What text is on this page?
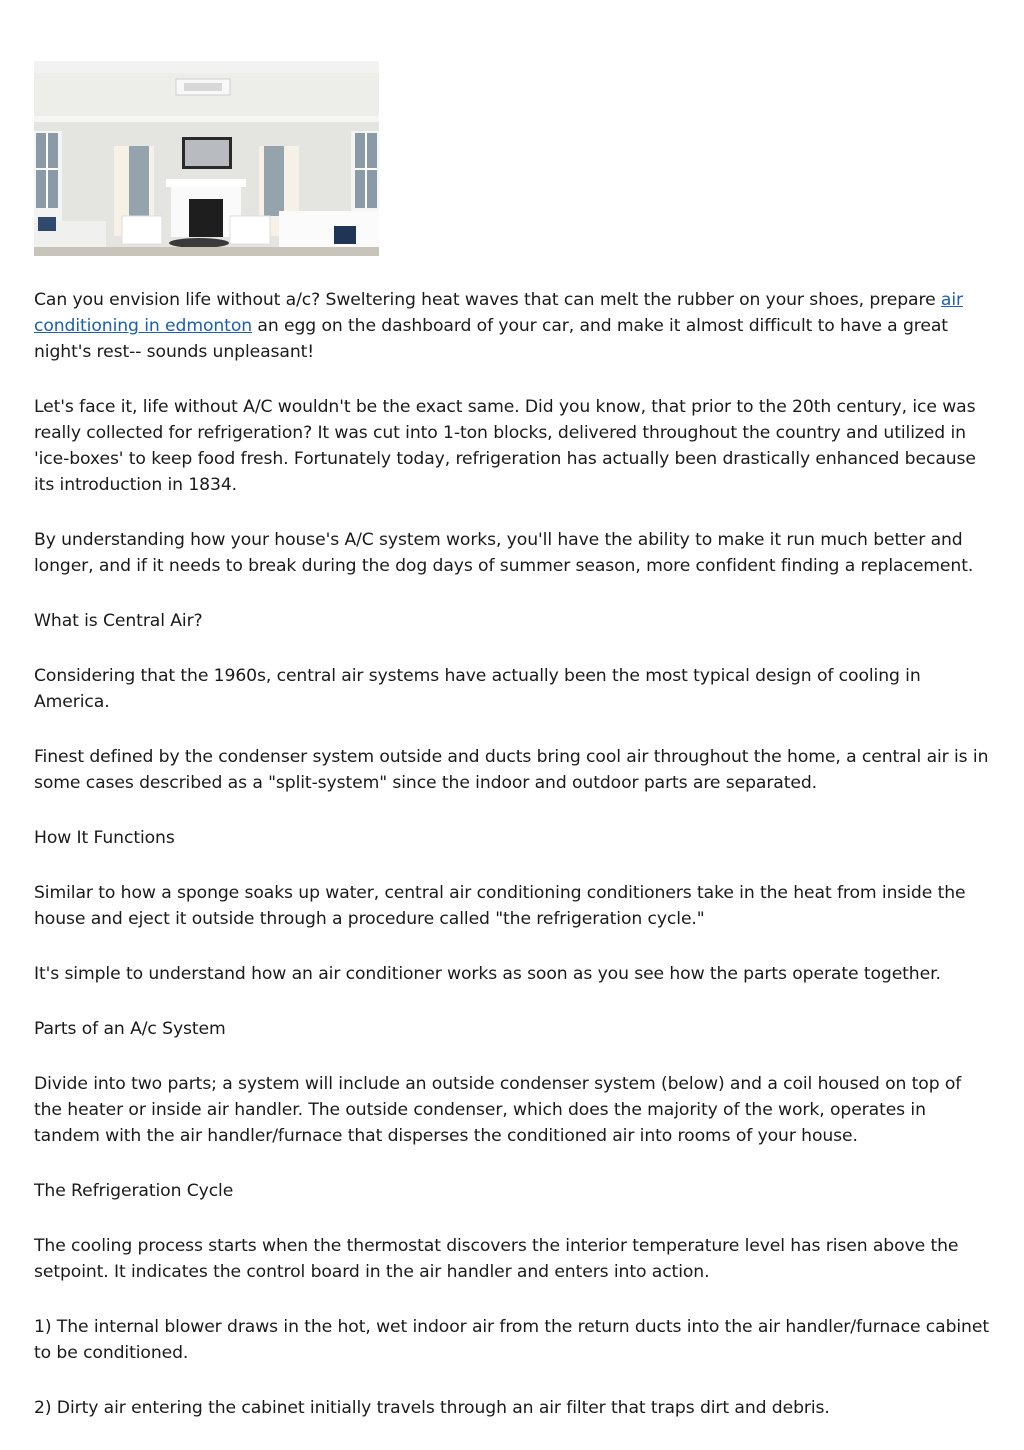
Can you envision life without a/c? Sweltering heat waves that can melt the rubber on your shoes, prepare air conditioning in edmonton an egg on the dashboard of your car, and make it almost difficult to have a great night's rest-- sounds unpleasant!

Let's face it, life without A/C wouldn't be the exact same. Did you know, that prior to the 20th century, ice was really collected for refrigeration? It was cut into 1-ton blocks, delivered throughout the country and utilized in 'ice-boxes' to keep food fresh. Fortunately today, refrigeration has actually been drastically enhanced because its introduction in 1834.

By understanding how your house's A/C system works, you'll have the ability to make it run much better and longer, and if it needs to break during the dog days of summer season, more confident finding a replacement.

What is Central Air?

Considering that the 1960s, central air systems have actually been the most typical design of cooling in America.

Finest defined by the condenser system outside and ducts bring cool air throughout the home, a central air is in some cases described as a "split-system" since the indoor and outdoor parts are separated.

How It Functions

Similar to how a sponge soaks up water, central air conditioning conditioners take in the heat from inside the house and eject it outside through a procedure called "the refrigeration cycle."

It's simple to understand how an air conditioner works as soon as you see how the parts operate together.

Parts of an A/c System

Divide into two parts; a system will include an outside condenser system (below) and a coil housed on top of the heater or inside air handler. The outside condenser, which does the majority of the work, operates in tandem with the air handler/furnace that disperses the conditioned air into rooms of your house.

The Refrigeration Cycle

The cooling process starts when the thermostat discovers the interior temperature level has risen above the setpoint. It indicates the control board in the air handler and enters into action.

1) The internal blower draws in the hot, wet indoor air from the return ducts into the air handler/furnace cabinet to be conditioned.

2) Dirty air entering the cabinet initially travels through an air filter that traps dirt and debris.
